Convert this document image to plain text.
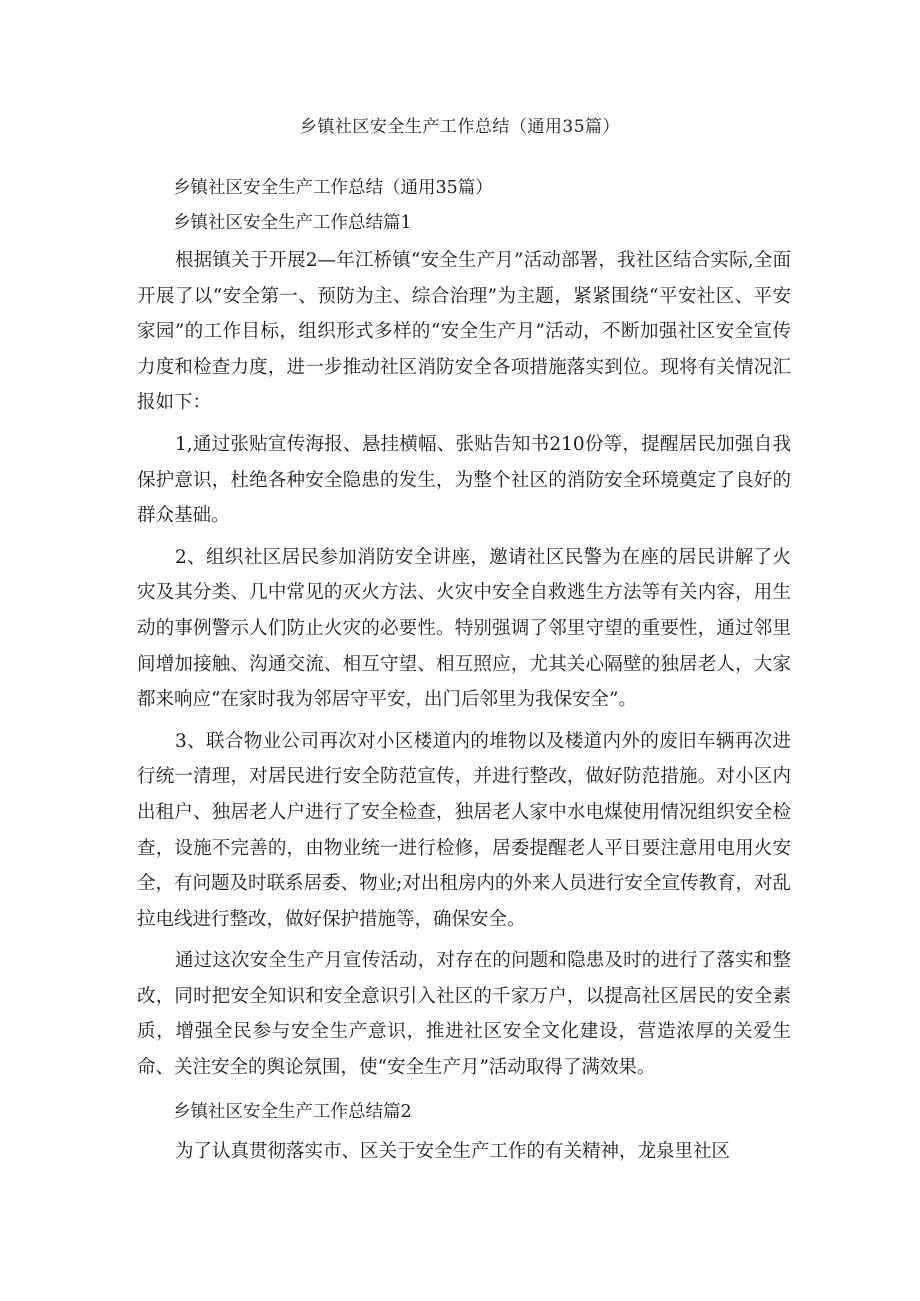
乡镇社区安全生产工作总结（通用35篇）
乡镇社区安全生产工作总结（通用35篇）
乡镇社区安全生产工作总结篇1

根据镇关于开展2—年江桥镇“安全生产月”活动部署，我社区结合实际,全面开展了以“安全第一、预防为主、综合治理”为主题，紧紧围绕“平安社区、平安家园”的工作目标，组织形式多样的“安全生产月”活动，不断加强社区安全宣传力度和检查力度，进一步推动社区消防安全各项措施落实到位。现将有关情况汇报如下：

1,通过张贴宣传海报、悬挂横幅、张贴告知书210份等，提醒居民加强自我保护意识，杜绝各种安全隐患的发生，为整个社区的消防安全环境奠定了良好的群众基础。

2、组织社区居民参加消防安全讲座，邀请社区民警为在座的居民讲解了火灾及其分类、几中常见的灭火方法、火灾中安全自救逃生方法等有关内容，用生动的事例警示人们防止火灾的必要性。特别强调了邻里守望的重要性，通过邻里间增加接触、沟通交流、相互守望、相互照应，尤其关心隔壁的独居老人，大家都来响应“在家时我为邻居守平安，出门后邻里为我保安全”。

3、联合物业公司再次对小区楼道内的堆物以及楼道内外的废旧车辆再次进行统一清理，对居民进行安全防范宣传，并进行整改，做好防范措施。对小区内出租户、独居老人户进行了安全检查，独居老人家中水电煤使用情况组织安全检查，设施不完善的，由物业统一进行检修，居委提醒老人平日要注意用电用火安全，有问题及时联系居委、物业;对出租房内的外来人员进行安全宣传教育，对乱拉电线进行整改，做好保护措施等，确保安全。

通过这次安全生产月宣传活动，对存在的问题和隐患及时的进行了落实和整改，同时把安全知识和安全意识引入社区的千家万户，以提高社区居民的安全素质，增强全民参与安全生产意识，推进社区安全文化建设，营造浓厚的关爱生命、关注安全的舆论氛围，使“安全生产月”活动取得了满效果。

乡镇社区安全生产工作总结篇2

为了认真贯彻落实市、区关于安全生产工作的有关精神，龙泉里社区
